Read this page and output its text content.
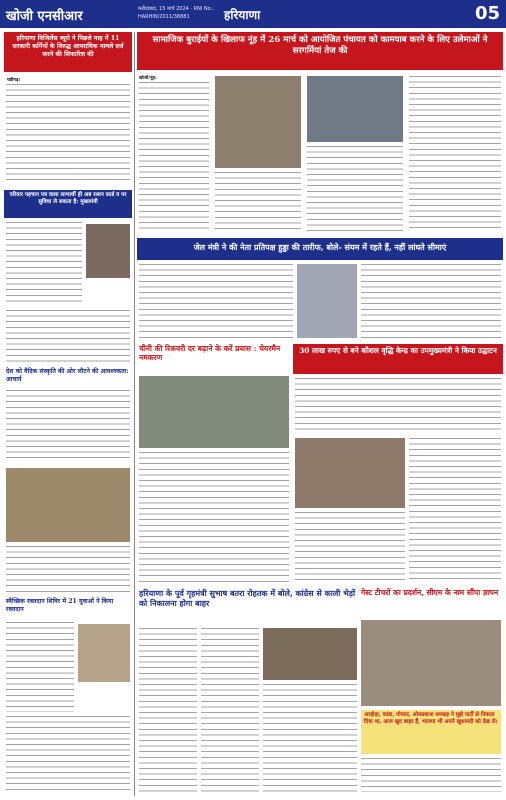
खोजी एनसीआर	फरीदाबाद, 15 मार्च 2024 · RNI No.: HARHIN/2011/38881	हरियाणा	05
हरियाणा विजिलेंस ब्यूरो ने पिछले माह में 11 सरकारी कर्मियों के विरुद्ध आपराधिक मामले दर्ज करने की सिफारिश की
चंडीगढ़।
परिवार पहचान पत्र वाला लाभार्थी ही अब राशन कार्ड व पर सुविधा ले सकता है: मुख्यमंत्री
देश को वैदिक संस्कृति की ओर लौटने की आवश्यकता: आचार्य
स्वैच्छिक रक्तदान शिविर में 21 युवाओं ने किया रक्तदान
सामाजिक बुराईयों के खिलाफ नूंह में 26 मार्च को आयोजित पंचायत को कामयाब करने के लिए उलेमाओं ने सरगर्मियां तेज की
खोजी/नूंह:
जेल मंत्री ने की नेता प्रतिपक्ष हुड्डा की तारीफ, बोले- संयम में रहते हैं, नहीं लांघते सीमाएं
चीनी की रिकवरी दर बढ़ाने के करें प्रयास : चेयरमैन नमकरण
30 लाख रुपए से बने कौशल वृद्धि केन्द्र का उपमुख्यमंत्री ने किया उद्घाटन
हरियाणा के पूर्व गृहमंत्री सुभाष बतरा रोहतक में बोले, कांग्रेस से काली भेड़ों को निकालना होगा बाहर
गेस्ट टीचरों का प्रदर्शन, सीएम के नाम सौंपा ज्ञापन
अरहोड़ा, कांडा, गोपाल, ओमप्रकाश धनखड़ ने मुझे पार्टी से निकाल दिया था, आज खुद बाहर हैं, भाजपा भी अपने खुशामदी को देख ले।
